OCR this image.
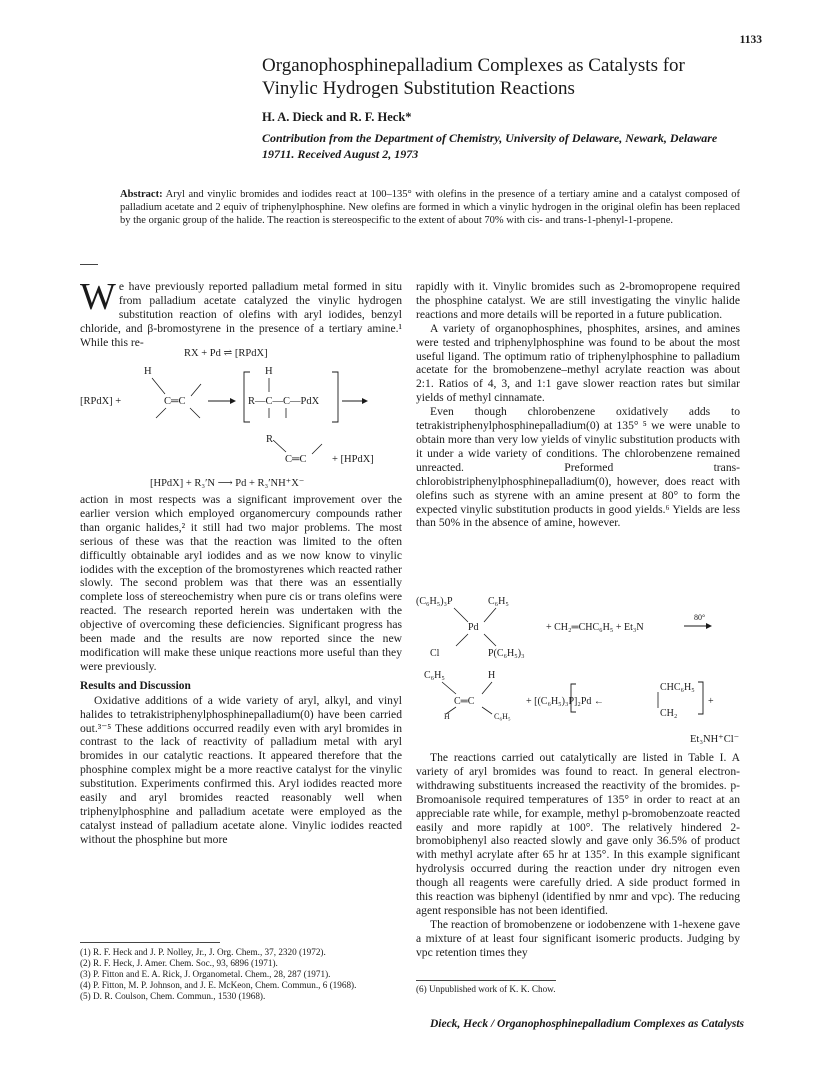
1133
Organophosphinepalladium Complexes as Catalysts for Vinylic Hydrogen Substitution Reactions
H. A. Dieck and R. F. Heck*
Contribution from the Department of Chemistry, University of Delaware, Newark, Delaware 19711. Received August 2, 1973
Abstract: Aryl and vinylic bromides and iodides react at 100–135° with olefins in the presence of a tertiary amine and a catalyst composed of palladium acetate and 2 equiv of triphenylphosphine. New olefins are formed in which a vinylic hydrogen in the original olefin has been replaced by the organic group of the halide. The reaction is stereospecific to the extent of about 70% with cis- and trans-1-phenyl-1-propene.

We have previously reported palladium metal formed in situ from palladium acetate catalyzed the vinylic hydrogen substitution reaction of olefins with aryl iodides, benzyl chloride, and β-bromostyrene in the presence of a tertiary amine.¹ While this re-

RX + Pd ⇌ [RPdX]
H
[RPdX] +	C═C
H
R—C—C—PdX
R
C═C + [HPdX]
[HPdX] + R₃′N ⟶ Pd + R₃′NH⁺X⁻

action in most respects was a significant improvement over the earlier version which employed organomercury compounds rather than organic halides,² it still had two major problems. The most serious of these was that the reaction was limited to the often difficultly obtainable aryl iodides and as we now know to vinylic iodides with the exception of the bromostyrenes which reacted rather slowly. The second problem was that there was an essentially complete loss of stereochemistry when pure cis or trans olefins were reacted. The research reported herein was undertaken with the objective of overcoming these deficiencies. Significant progress has been made and the results are now reported since the new modification will make these unique reactions more useful than they were previously.

Results and Discussion

Oxidative additions of a wide variety of aryl, alkyl, and vinyl halides to tetrakistriphenylphosphinepalladium(0) have been carried out.³⁻⁵ These additions occurred readily even with aryl bromides in contrast to the lack of reactivity of palladium metal with aryl bromides in our catalytic reactions. It appeared therefore that the phosphine complex might be a more reactive catalyst for the vinylic substitution. Experiments confirmed this. Aryl iodides reacted more easily and aryl bromides reacted reasonably well when triphenylphosphine and palladium acetate were employed as the catalyst instead of palladium acetate alone. Vinylic iodides reacted without the phosphine but more

(1) R. F. Heck and J. P. Nolley, Jr., J. Org. Chem., 37, 2320 (1972).
(2) R. F. Heck, J. Amer. Chem. Soc., 93, 6896 (1971).
(3) P. Fitton and E. A. Rick, J. Organometal. Chem., 28, 287 (1971).
(4) P. Fitton, M. P. Johnson, and J. E. McKeon, Chem. Commun., 6 (1968).
(5) D. R. Coulson, Chem. Commun., 1530 (1968).

rapidly with it. Vinylic bromides such as 2-bromopropene required the phosphine catalyst. We are still investigating the vinylic halide reactions and more details will be reported in a future publication.

A variety of organophosphines, phosphites, arsines, and amines were tested and triphenylphosphine was found to be about the most useful ligand. The optimum ratio of triphenylphosphine to palladium acetate for the bromobenzene–methyl acrylate reaction was about 2:1. Ratios of 4, 3, and 1:1 gave slower reaction rates but similar yields of methyl cinnamate.

Even though chlorobenzene oxidatively adds to tetrakistriphenylphosphinepalladium(0) at 135° ⁵ we were unable to obtain more than very low yields of vinylic substitution products with it under a wide variety of conditions. The chlorobenzene remained unreacted. Preformed trans-chlorobistriphenylphosphinepalladium(0), however, does react with olefins such as styrene with an amine present at 80° to form the expected vinylic substitution products in good yields.⁶ Yields are less than 50% in the absence of amine, however.

(C₆H₅)₃P	C₆H₅
Pd
Cl	P(C₆H₅)₃
+ CH₂═CHC₆H₅ + Et₃N
80°
C₆H₅	H
C═C	+ [(C₆H₅)₃P]₂Pd ←
CHC₆H₅
CH₂
+
H	C₆H₅
Et₃NH⁺Cl⁻

The reactions carried out catalytically are listed in Table I. A variety of aryl bromides was found to react. In general electron-withdrawing substituents increased the reactivity of the bromides. p-Bromoanisole required temperatures of 135° in order to react at an appreciable rate while, for example, methyl p-bromobenzoate reacted easily and more rapidly at 100°. The relatively hindered 2-bromobiphenyl also reacted slowly and gave only 36.5% of product with methyl acrylate after 65 hr at 135°. In this example significant hydrolysis occurred during the reaction under dry nitrogen even though all reagents were carefully dried. A side product formed in this reaction was biphenyl (identified by nmr and vpc). The reducing agent responsible has not been identified.

The reaction of bromobenzene or iodobenzene with 1-hexene gave a mixture of at least four significant isomeric products. Judging by vpc retention times they

(6) Unpublished work of K. K. Chow.
Dieck, Heck / Organophosphinepalladium Complexes as Catalysts
